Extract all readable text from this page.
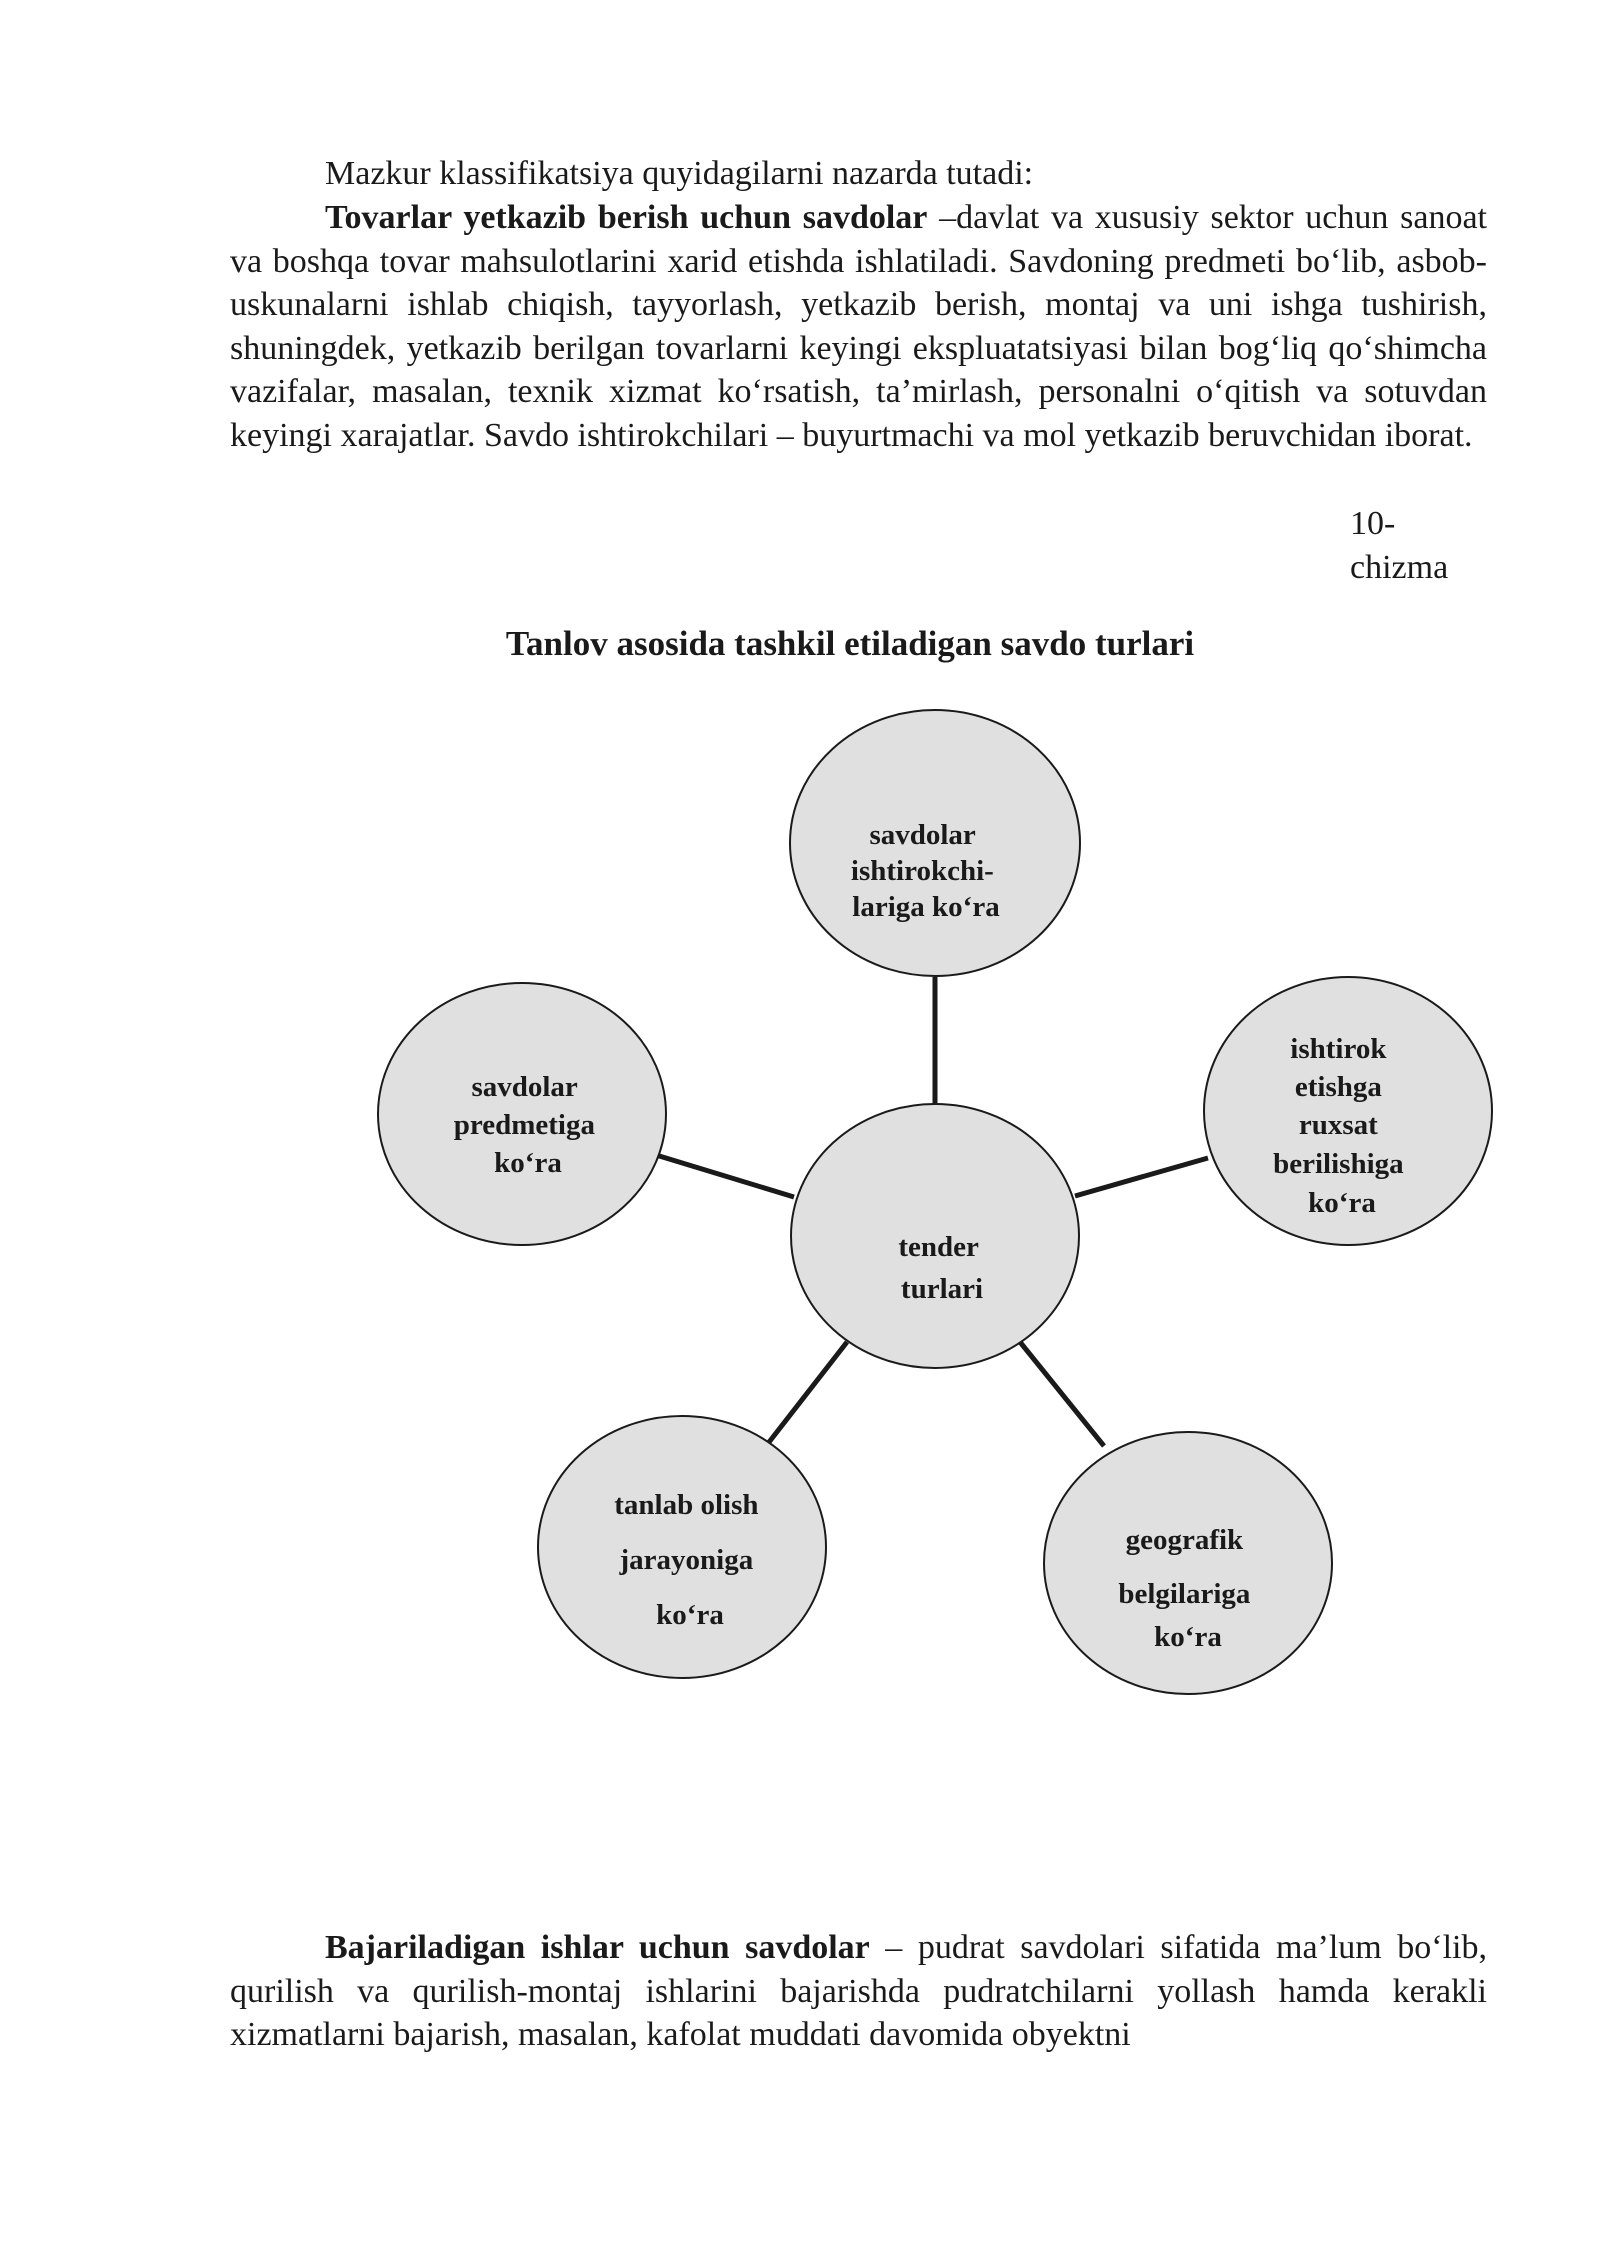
Mazkur klassifikatsiya quyidagilarni nazarda tutadi:

Tovarlar yetkazib berish uchun savdolar –davlat va xususiy sektor uchun sanoat va boshqa tovar mahsulotlarini xarid etishda ishlatiladi. Savdoning predmeti bo‘lib, asbob-uskunalarni ishlab chiqish, tayyorlash, yetkazib berish, montaj va uni ishga tushirish, shuningdek, yetkazib berilgan tovarlarni keyingi ekspluatatsiyasi bilan bog‘liq qo‘shimcha vazifalar, masalan, texnik xizmat ko‘rsatish, ta’mirlash, personalni o‘qitish va sotuvdan keyingi xarajatlar. Savdo ishtirokchilari – buyurtmachi va mol yetkazib beruvchidan iborat.

10-
chizma

Tanlov asosida tashkil etiladigan savdo turlari

tender turlari
savdolar ishtirokchi- lariga ko‘ra
savdolar predmetiga ko‘ra
ishtirok etishga ruxsat berilishiga ko‘ra
tanlab olish jarayoniga ko‘ra
geografik belgilariga ko‘ra

Bajariladigan ishlar uchun savdolar – pudrat savdolari sifatida ma’lum bo‘lib, qurilish va qurilish-montaj ishlarini bajarishda pudratchilarni yollash hamda kerakli xizmatlarni bajarish, masalan, kafolat muddati davomida obyektni
